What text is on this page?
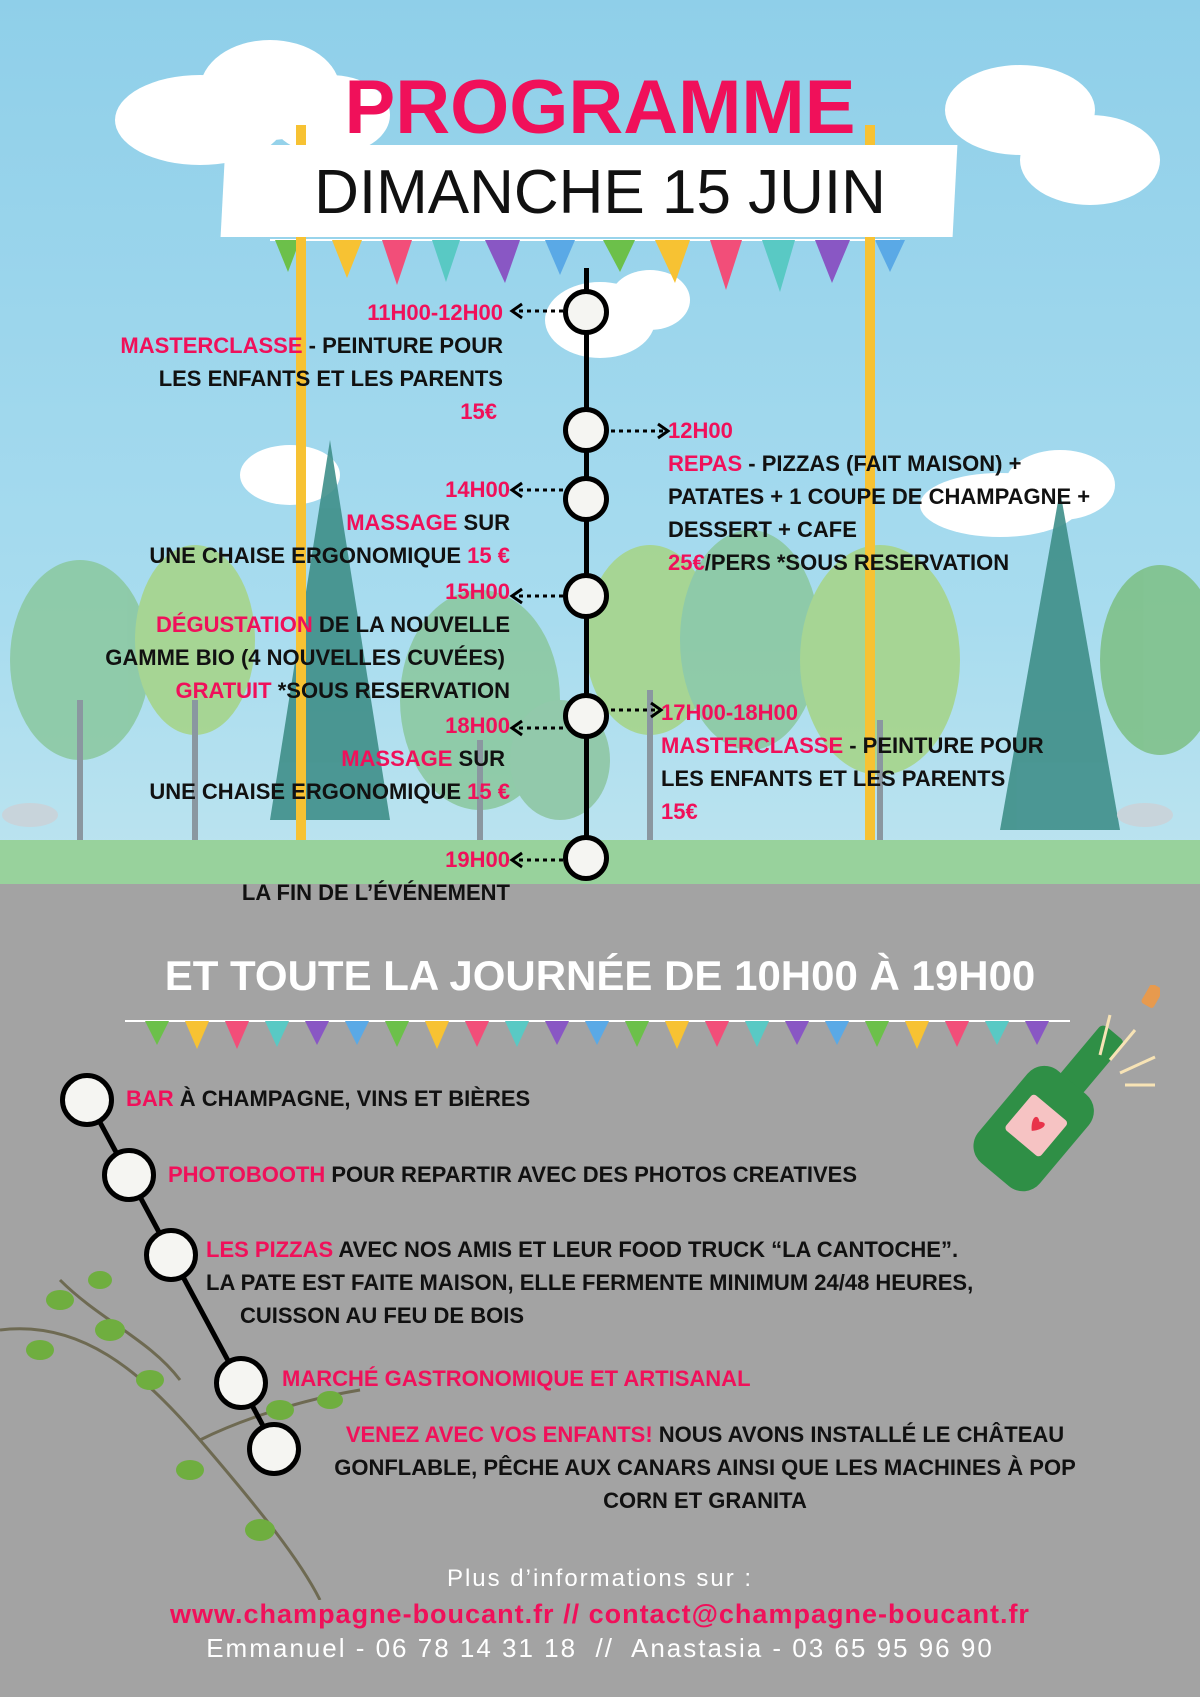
PROGRAMME
DIMANCHE 15 JUIN
11H00-12H00
MASTERCLASSE - PEINTURE POUR
LES ENFANTS ET LES PARENTS
15€
12H00
REPAS - PIZZAS (FAIT MAISON) +
PATATES + 1 COUPE DE CHAMPAGNE +
DESSERT + CAFE
25€/PERS *SOUS RESERVATION
14H00
MASSAGE SUR
UNE CHAISE ERGONOMIQUE 15 €
15H00
DÉGUSTATION DE LA NOUVELLE
GAMME BIO (4 NOUVELLES CUVÉES)
GRATUIT *SOUS RESERVATION
17H00-18H00
MASTERCLASSE - PEINTURE POUR
LES ENFANTS ET LES PARENTS
15€
18H00
MASSAGE SUR
UNE CHAISE ERGONOMIQUE 15 €
19H00
LA FIN DE L’ÉVÉNEMENT
ET TOUTE LA JOURNÉE DE 10H00 À 19H00
BAR À CHAMPAGNE, VINS ET BIÈRES
PHOTOBOOTH POUR REPARTIR AVEC DES PHOTOS CREATIVES
LES PIZZAS AVEC NOS AMIS ET LEUR FOOD TRUCK “LA CANTOCHE”.
LA PATE EST FAITE MAISON, ELLE FERMENTE MINIMUM 24/48 HEURES,
CUISSON AU FEU DE BOIS
MARCHÉ GASTRONOMIQUE ET ARTISANAL
VENEZ AVEC VOS ENFANTS! NOUS AVONS INSTALLÉ LE CHÂTEAU
GONFLABLE, PÊCHE AUX CANARS AINSI QUE LES MACHINES À POP
CORN ET GRANITA
Plus d’informations sur :
www.champagne-boucant.fr // contact@champagne-boucant.fr
Emmanuel - 06 78 14 31 18  //  Anastasia - 03 65 95 96 90
